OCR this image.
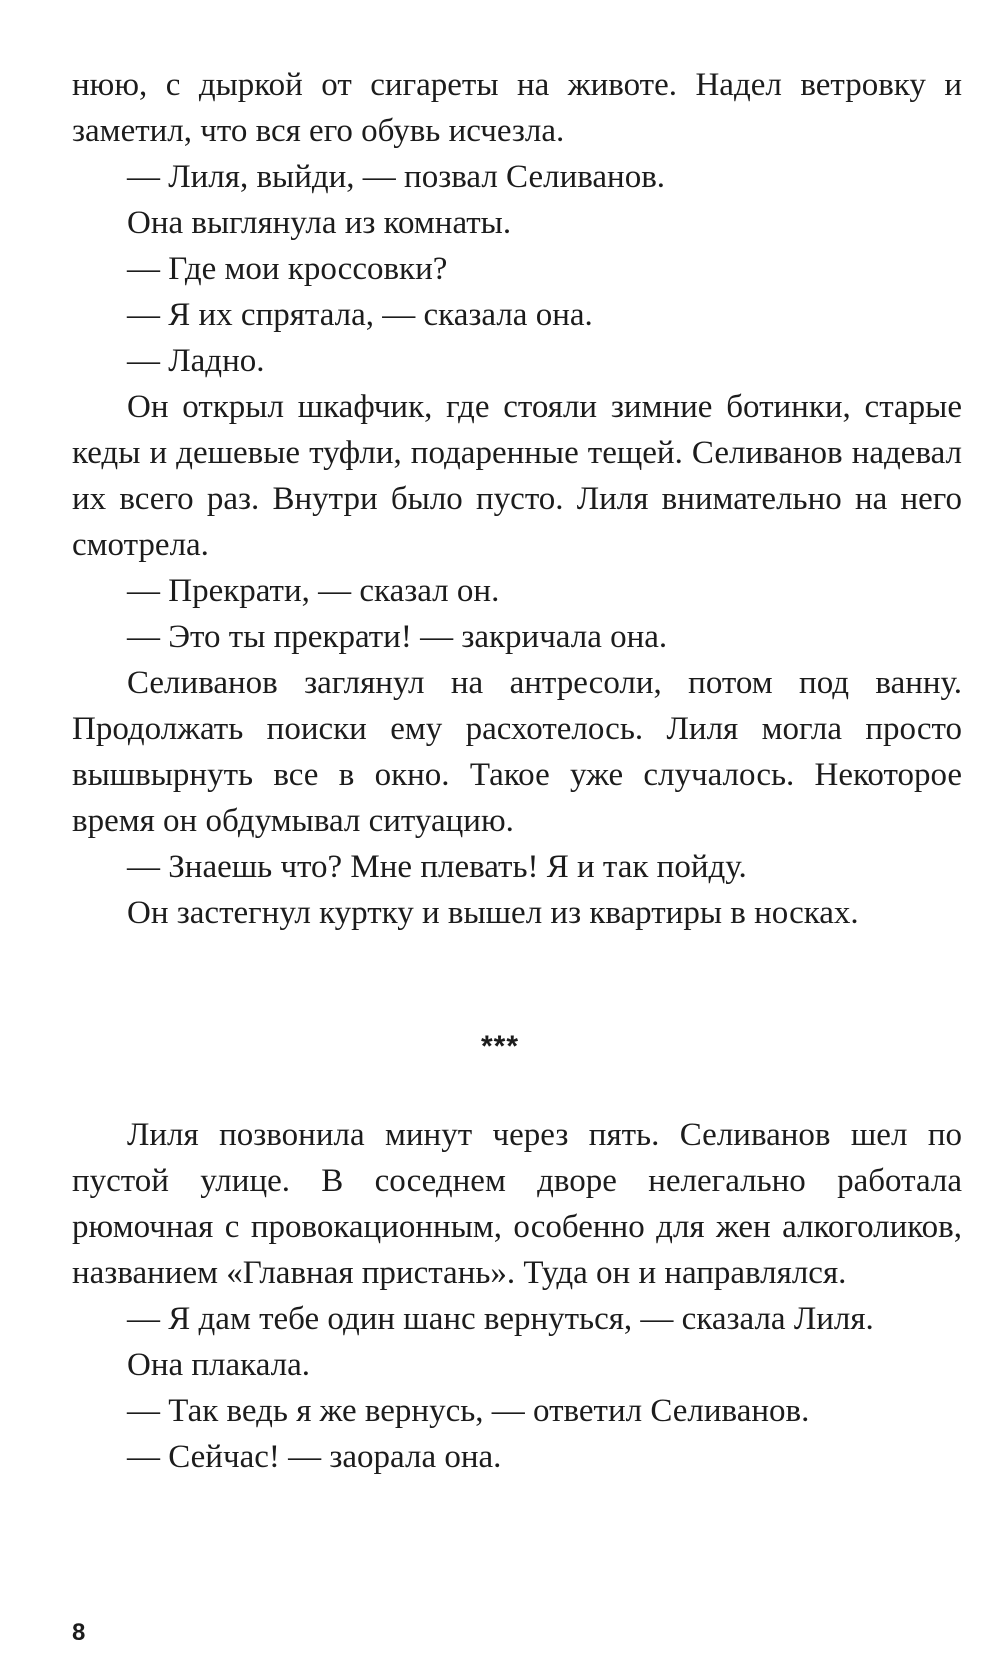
нюю, с дыркой от сигареты на животе. Надел ветровку и заметил, что вся его обувь исчезла.

— Лиля, выйди, — позвал Селиванов.

Она выглянула из комнаты.

— Где мои кроссовки?

— Я их спрятала, — сказала она.

— Ладно.

Он открыл шкафчик, где стояли зимние ботинки, старые кеды и дешевые туфли, подаренные тещей. Селиванов надевал их всего раз. Внутри было пусто. Лиля внимательно на него смотрела.

— Прекрати, — сказал он.

— Это ты прекрати! — закричала она.

Селиванов заглянул на антресоли, потом под ванну. Продолжать поиски ему расхотелось. Лиля могла просто вышвырнуть все в окно. Такое уже случалось. Некоторое время он обдумывал ситуацию.

— Знаешь что? Мне плевать! Я и так пойду.

Он застегнул куртку и вышел из квартиры в носках.

***

Лиля позвонила минут через пять. Селиванов шел по пустой улице. В соседнем дворе нелегально работала рюмочная с провокационным, особенно для жен алкоголиков, названием «Главная пристань». Туда он и направлялся.

— Я дам тебе один шанс вернуться, — сказала Лиля.

Она плакала.

— Так ведь я же вернусь, — ответил Селиванов.

— Сейчас! — заорала она.

8
